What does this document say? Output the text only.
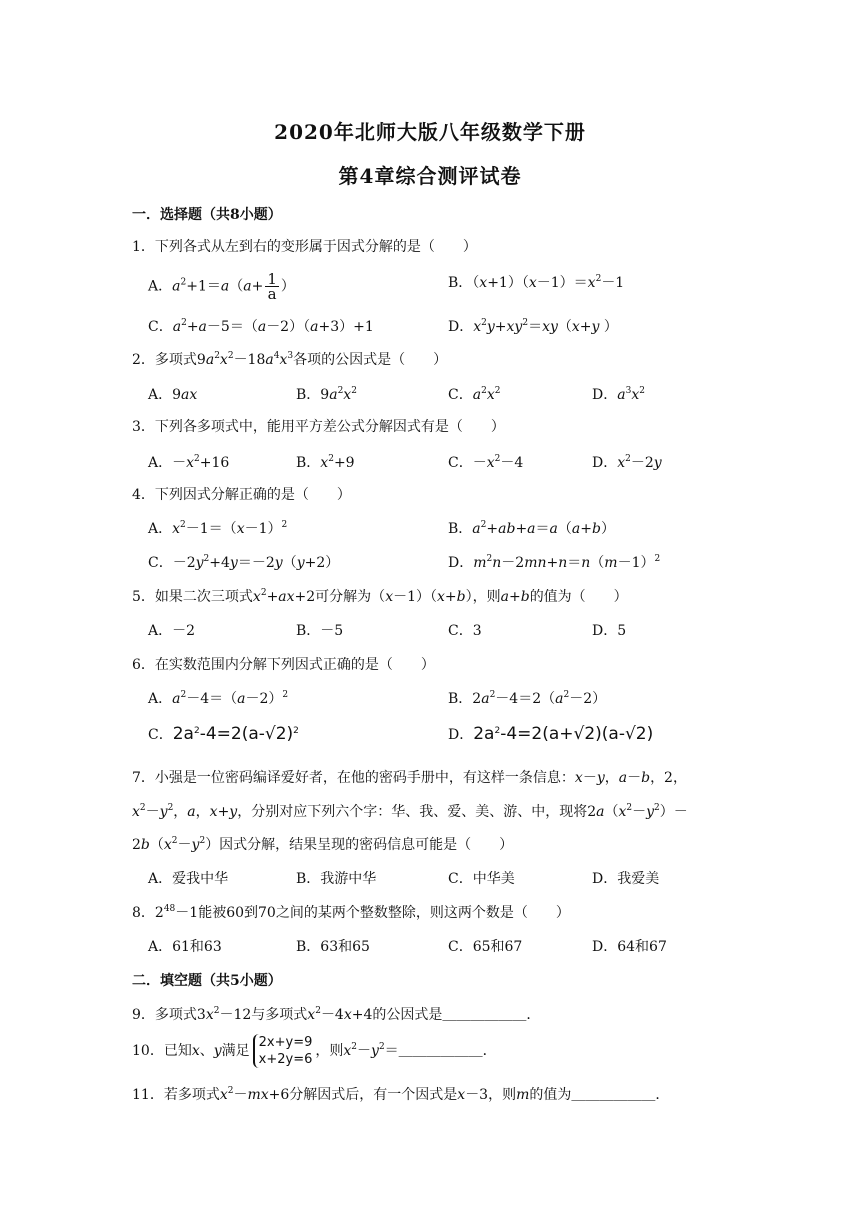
2020年北师大版八年级数学下册
第4章综合测评试卷
一．选择题（共8小题）
1．下列各式从左到右的变形属于因式分解的是（　　）
A．$a^2+1=a(a+ \frac{1}{a}$ ）	B．$(x+1)(x-1)=x^2-1$
C．$a^2+a-5=(a-2)(a+3)+1$	D．$x^2y+xy^2=xy(x+y$ ）
2．多项式$9a^2x^2-18a^4x^3$各项的公因式是（　　）
A．9ax	B．$9a^2x^2$	C．$a^2x^2$	D．$a^3x^2$
3．下列各多项式中，能用平方差公式分解因式有是（　　）
A．$-x^2+16$	B．$x^2+9$	C．$-x^2-4$	D．$x^2-2y$
4．下列因式分解正确的是（　　）
A．$x^2-1=(x-1)^2$	B．$a^2+ab+a=a(a+b)$
C．$-2y^2+4y=-2y(y+2)$	D．$m^2n-2mn+n=n(m-1)^2$
5．如果二次三项式$x^2+ax+2$可分解为（x－1）（x+b），则a+b的值为（　　）
A．－2	B．－5	C．3	D．5
6．在实数范围内分解下列因式正确的是（　　）
A．$a^2-4=(a-2)^2$	B．$2a^2-4=2(a^2-2)$
C．$2a^2-4=2(a-√2)^2$	D．$2a^2-4=2(a+√2)(a-√2)$
7．小强是一位密码编译爱好者，在他的密码手册中，有这样一条信息：x－y，a－b，2，
$x^2-y^2$，a，x+y，分别对应下列六个字：华、我、爱、美、游、中，现将$2a(x^2-y^2)-$
$2b(x^2-y^2)$因式分解，结果呈现的密码信息可能是（　　）
A．爱我中华	B．我游中华	C．中华美	D．我爱美
8．$2^{48}-1$能被60到70之间的某两个整数整除，则这两个数是（　　）
A．61和63	B．63和65	C．65和67	D．64和67
二．填空题（共5小题）
9．多项式$3x^2-12$与多项式$x^2-4x+4$的公因式是＿＿＿＿＿＿．
10．已知x、y满足
2x+y=9
x+2y=6
，则$x^2-y^2=\_\_\_\_\_\_$．
11．若多项式$x^2-mx+6$分解因式后，有一个因式是x－3，则m的值为＿＿＿＿＿＿．
